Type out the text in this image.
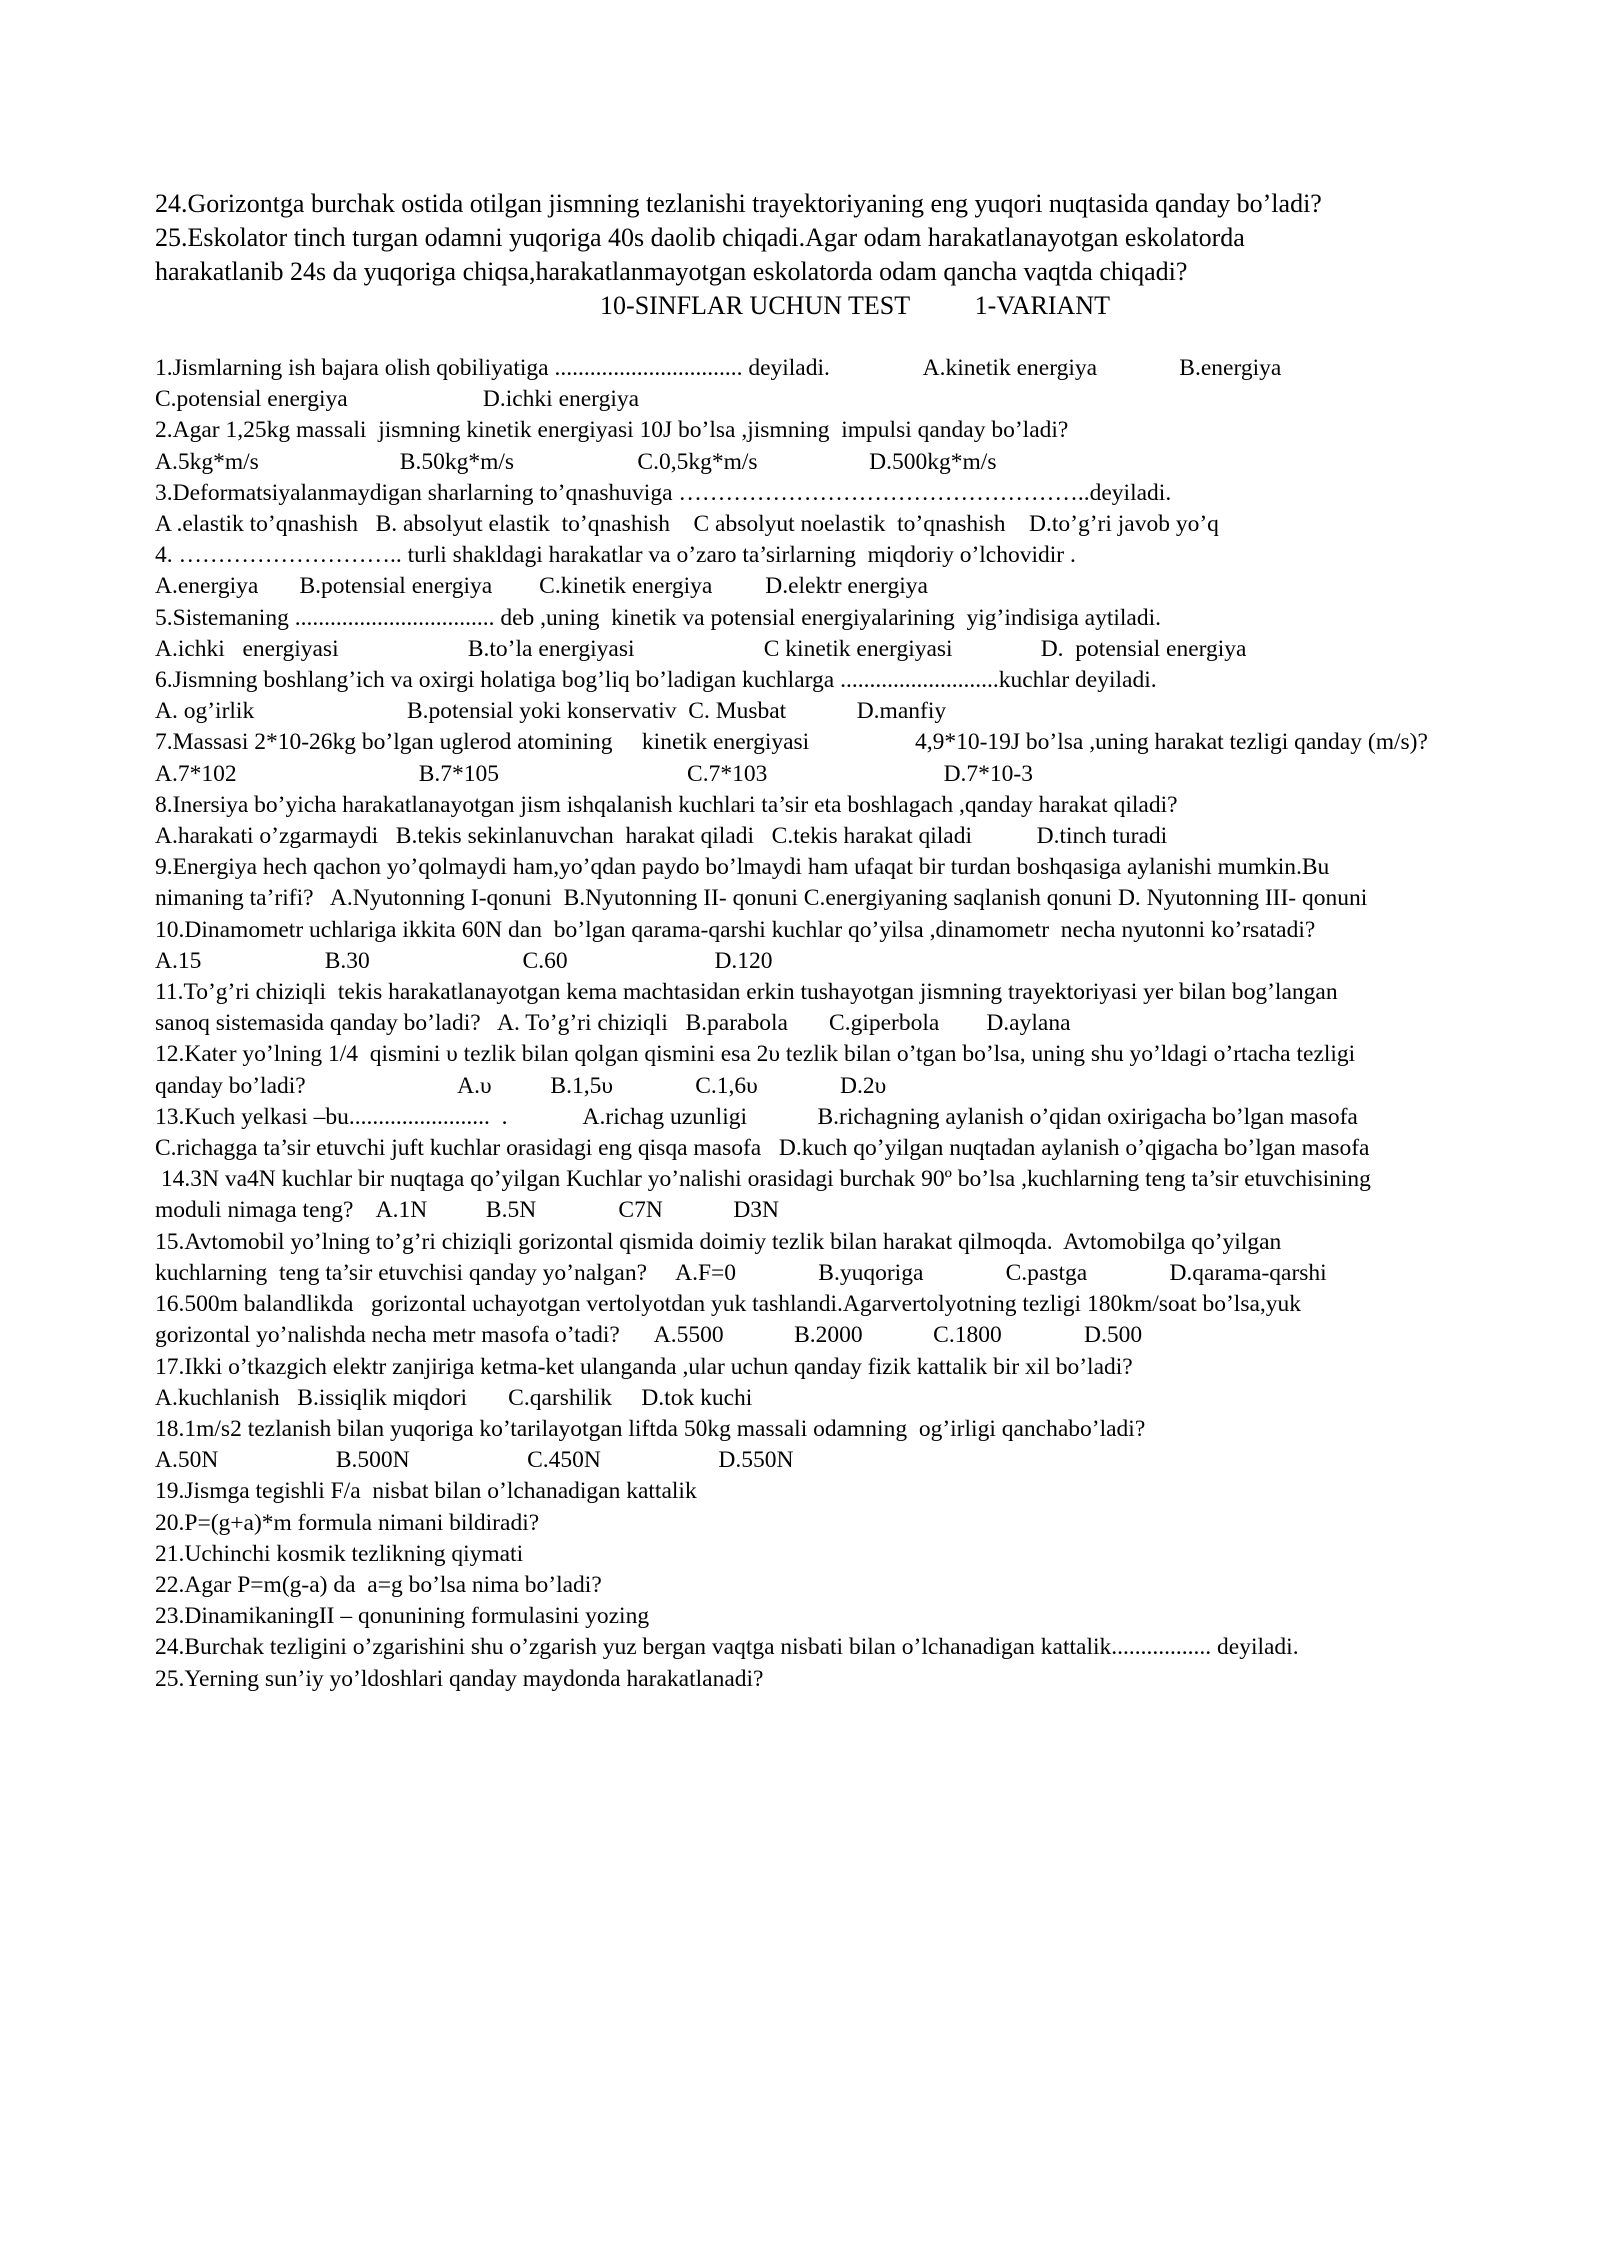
24.Gorizontga burchak ostida otilgan jismning tezlanishi trayektoriyaning eng yuqori nuqtasida qanday bo’ladi?
25.Eskolator tinch turgan odamni yuqoriga 40s daolib chiqadi.Agar odam harakatlanayotgan eskolatorda
harakatlanib 24s da yuqoriga chiqsa,harakatlanmayotgan eskolatorda odam qancha vaqtda chiqadi?
10-SINFLAR UCHUN TEST          1-VARIANT
1.Jismlarning ish bajara olish qobiliyatiga ................................ deyiladi.                A.kinetik energiya              B.energiya
C.potensial energiya                       D.ichki energiya
2.Agar 1,25kg massali  jismning kinetik energiyasi 10J bo’lsa ,jismning  impulsi qanday bo’ladi?
A.5kg*m/s                        B.50kg*m/s                     C.0,5kg*m/s                   D.500kg*m/s
3.Deformatsiyalanmaydigan sharlarning to’qnashuviga ……………………………………………..deyiladi.
A .elastik to’qnashish   B. absolyut elastik  to’qnashish    C absolyut noelastik  to’qnashish    D.to’g’ri javob yo’q
4. ……………………….. turli shakldagi harakatlar va o’zaro ta’sirlarning  miqdoriy o’lchovidir .
A.energiya       B.potensial energiya        C.kinetik energiya         D.elektr energiya
5.Sistemaning .................................. deb ,uning  kinetik va potensial energiyalarining  yig’indisiga aytiladi.
A.ichki   energiyasi                      B.to’la energiyasi                      C kinetik energiyasi               D.  potensial energiya
6.Jismning boshlang’ich va oxirgi holatiga bog’liq bo’ladigan kuchlarga ...........................kuchlar deyiladi.
A. og’irlik                          B.potensial yoki konservativ  C. Musbat            D.manfiy
7.Massasi 2*10-26kg bo’lgan uglerod atomining     kinetik energiyasi                  4,9*10-19J bo’lsa ,uning harakat tezligi qanday (m/s)?
A.7*102                               B.7*105                                C.7*103                              D.7*10-3
8.Inersiya bo’yicha harakatlanayotgan jism ishqalanish kuchlari ta’sir eta boshlagach ,qanday harakat qiladi?
A.harakati o’zgarmaydi   B.tekis sekinlanuvchan  harakat qiladi   C.tekis harakat qiladi           D.tinch turadi
9.Energiya hech qachon yo’qolmaydi ham,yo’qdan paydo bo’lmaydi ham ufaqat bir turdan boshqasiga aylanishi mumkin.Bu
nimaning ta’rifi?   A.Nyutonning I-qonuni  B.Nyutonning II- qonuni C.energiyaning saqlanish qonuni D. Nyutonning III- qonuni
10.Dinamometr uchlariga ikkita 60N dan  bo’lgan qarama-qarshi kuchlar qo’yilsa ,dinamometr  necha nyutonni ko’rsatadi?
A.15                     B.30                          C.60                         D.120
11.To’g’ri chiziqli  tekis harakatlanayotgan kema machtasidan erkin tushayotgan jismning trayektoriyasi yer bilan bog’langan
sanoq sistemasida qanday bo’ladi?   A. To’g’ri chiziqli   B.parabola       C.giperbola        D.aylana
12.Kater yo’lning 1/4  qismini υ tezlik bilan qolgan qismini esa 2υ tezlik bilan o’tgan bo’lsa, uning shu yo’ldagi o’rtacha tezligi
qanday bo’ladi?                          A.υ          B.1,5υ              C.1,6υ              D.2υ
13.Kuch yelkasi –bu........................  .             A.richag uzunligi            B.richagning aylanish o’qidan oxirigacha bo’lgan masofa
C.richagga ta’sir etuvchi juft kuchlar orasidagi eng qisqa masofa   D.kuch qo’yilgan nuqtadan aylanish o’qigacha bo’lgan masofa
14.3N va4N kuchlar bir nuqtaga qo’yilgan Kuchlar yo’nalishi orasidagi burchak 90º bo’lsa ,kuchlarning teng ta’sir etuvchisining
moduli nimaga teng?    A.1N          B.5N              C7N            D3N
15.Avtomobil yo’lning to’g’ri chiziqli gorizontal qismida doimiy tezlik bilan harakat qilmoqda.  Avtomobilga qo’yilgan
kuchlarning  teng ta’sir etuvchisi qanday yo’nalgan?     A.F=0              B.yuqoriga              C.pastga              D.qarama-qarshi
16.500m balandlikda   gorizontal uchayotgan vertolyotdan yuk tashlandi.Agarvertolyotning tezligi 180km/soat bo’lsa,yuk
gorizontal yo’nalishda necha metr masofa o’tadi?      A.5500            B.2000            C.1800              D.500
17.Ikki o’tkazgich elektr zanjiriga ketma-ket ulanganda ,ular uchun qanday fizik kattalik bir xil bo’ladi?
A.kuchlanish   B.issiqlik miqdori       C.qarshilik     D.tok kuchi
18.1m/s2 tezlanish bilan yuqoriga ko’tarilayotgan liftda 50kg massali odamning  og’irligi qanchabo’ladi?
A.50N                    B.500N                    C.450N                    D.550N
19.Jismga tegishli F/a  nisbat bilan o’lchanadigan kattalik
20.P=(g+a)*m formula nimani bildiradi?
21.Uchinchi kosmik tezlikning qiymati
22.Agar P=m(g-a) da  a=g bo’lsa nima bo’ladi?
23.DinamikaningII – qonunining formulasini yozing
24.Burchak tezligini o’zgarishini shu o’zgarish yuz bergan vaqtga nisbati bilan o’lchanadigan kattalik................. deyiladi.
25.Yerning sun’iy yo’ldoshlari qanday maydonda harakatlanadi?
